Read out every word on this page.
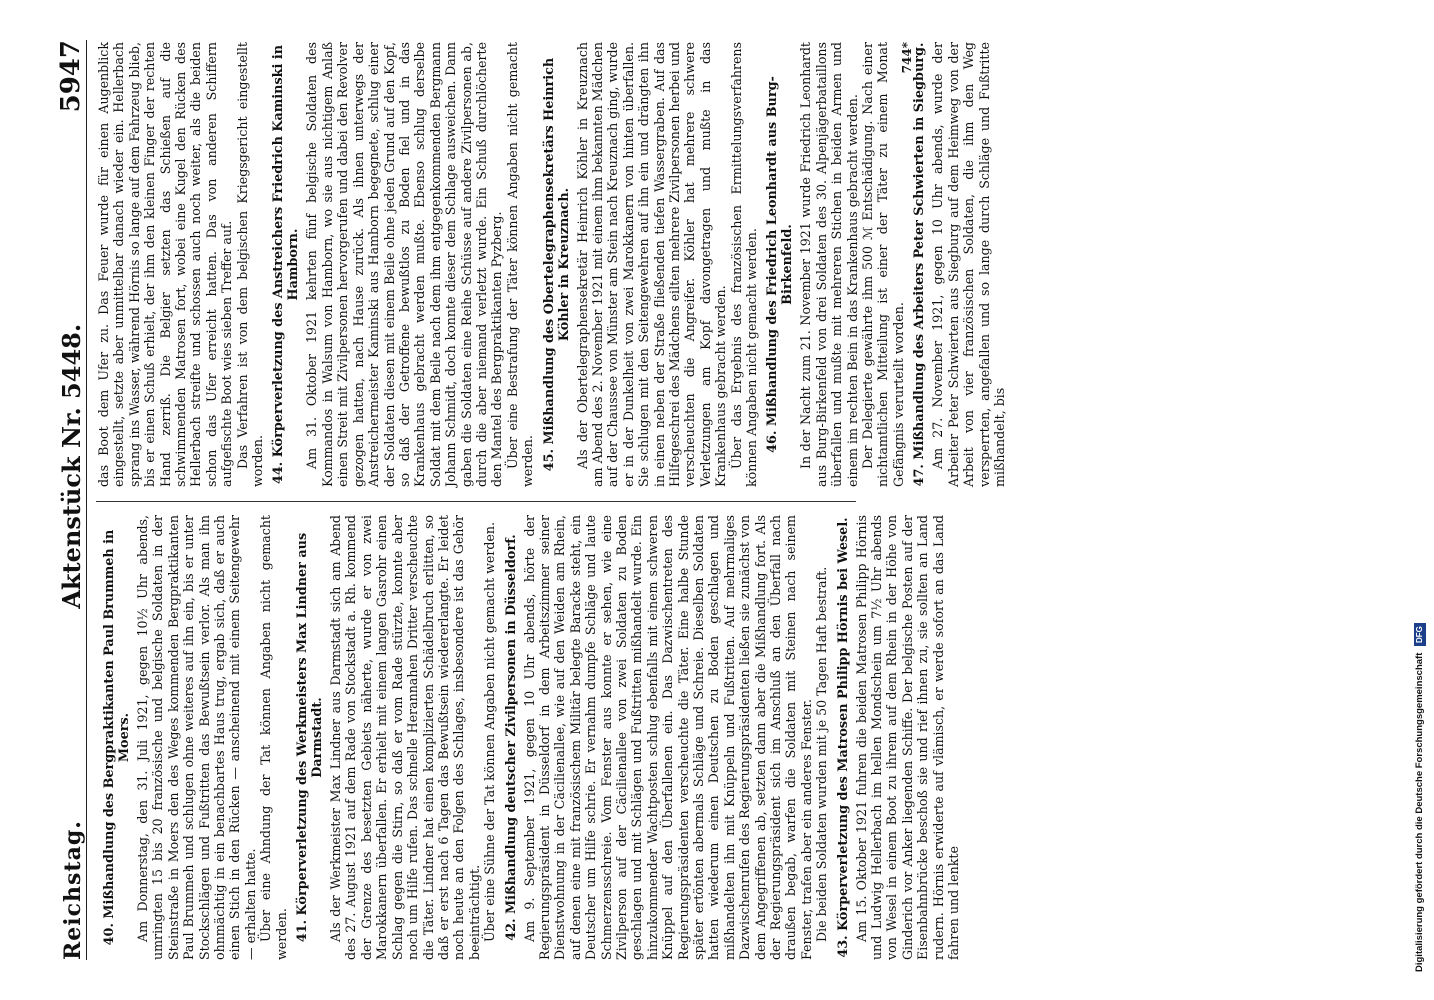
Reichstag.
Aktenstück Nr. 5448.
5947
40. Mißhandlung des Bergpraktikanten Paul Brummeh in Moers. Am Donnerstag, den 31. Juli 1921, gegen 10½ Uhr abends, umringten 15 bis 20 französische und belgische Soldaten in der Steinstraße in Moers den des Weges kommenden Bergpraktikanten Paul Brummeh und schlugen ohne weiteres auf ihn ein, bis er unter Stockschlägen und Fußtritten das Bewußtsein verlor. Als man ihn ohnmächtig in ein benachbartes Haus trug, ergab sich, daß er auch einen Stich in den Rücken — anscheinend mit einem Seitengewehr — erhalten hatte. Über eine Ahndung der Tat können Angaben nicht gemacht werden. 41. Körperverletzung des Werkmeisters Max Lindner aus Darmstadt. Als der Werkmeister Max Lindner aus Darmstadt sich am Abend des 27. August 1921 auf dem Rade von Stockstadt a. Rh. kommend der Grenze des besetzten Gebiets näherte, wurde er von zwei Marokkanern überfallen. Er erhielt mit einem langen Gasrohr einen Schlag gegen die Stirn, so daß er vom Rade stürzte, konnte aber noch um Hilfe rufen. Das schnelle Herannahen Dritter verscheuchte die Täter. Lindner hat einen komplizierten Schädelbruch erlitten, so daß er erst nach 6 Tagen das Bewußtsein wiedererlangte. Er leidet noch heute an den Folgen des Schlages, insbesondere ist das Gehör beeinträchtigt. Über eine Sühne der Tat können Angaben nicht gemacht werden. 42. Mißhandlung deutscher Zivilpersonen in Düsseldorf. Am 9. September 1921, gegen 10 Uhr abends, hörte der Regierungspräsident in Düsseldorf in dem Arbeitszimmer seiner Dienstwohnung in der Cäcilienallee, wie auf den Weiden am Rhein, auf denen eine mit französischem Militär belegte Baracke steht, ein Deutscher um Hilfe schrie. Er vernahm dumpfe Schläge und laute Schmerzensschreie. Vom Fenster aus konnte er sehen, wie eine Zivilperson auf der Cäcilienallee von zwei Soldaten zu Boden geschlagen und mit Schlägen und Fußtritten mißhandelt wurde. Ein hinzukommender Wachtposten schlug ebenfalls mit einem schweren Knüppel auf den Überfallenen ein. Das Dazwischentreten des Regierungspräsidenten verscheuchte die Täter. Eine halbe Stunde später ertönten abermals Schläge und Schreie. Dieselben Soldaten hatten wiederum einen Deutschen zu Boden geschlagen und mißhandelten ihn mit Knüppeln und Fußtritten. Auf mehrmaliges Dazwischenrufen des Regierungspräsidenten ließen sie zunächst von dem Angegriffenen ab, setzten dann aber die Mißhandlung fort. Als der Regierungspräsident sich im Anschluß an den Überfall nach draußen begab, warfen die Soldaten mit Steinen nach seinem Fenster, trafen aber ein anderes Fenster. Die beiden Soldaten wurden mit je 50 Tagen Haft bestraft.

43. Körperverletzung des Matrosen Philipp Hörnis bei Wesel. Am 15. Oktober 1921 fuhren die beiden Matrosen Philipp Hörnis und Ludwig Hellerbach im hellen Mondschein um 7½ Uhr abends von Wesel in einem Boot zu ihrem auf dem Rhein in der Höhe von Ginderich vor Anker liegenden Schiffe. Der belgische Posten auf der Eisenbahnbrücke beschoß sie und rief ihnen zu, sie sollten an Land rudern. Hörnis erwiderte auf vlämisch, er werde sofort an das Land fahren und lenkte

das Boot dem Ufer zu. Das Feuer wurde für einen Augenblick eingestellt, setzte aber unmittelbar danach wieder ein. Hellerbach sprang ins Wasser, während Hörnis so lange auf dem Fahrzeug blieb, bis er einen Schuß erhielt, der ihm den kleinen Finger der rechten Hand zerriß. Die Belgier setzten das Schießen auf die schwimmenden Matrosen fort, wobei eine Kugel den Rücken des Hellerbach streifte und schossen auch noch weiter, als die beiden schon das Ufer erreicht hatten. Das von anderen Schiffern aufgefischte Boot wies sieben Treffer auf. Das Verfahren ist von dem belgischen Kriegsgericht eingestellt worden. 44. Körperverletzung des Anstreichers Friedrich Kaminski in Hamborn. Am 31. Oktober 1921 kehrten fünf belgische Soldaten des Kommandos in Walsum von Hamborn, wo sie aus nichtigem Anlaß einen Streit mit Zivilpersonen hervorgerufen und dabei den Revolver gezogen hatten, nach Hause zurück. Als ihnen unterwegs der Anstreichermeister Kaminski aus Hamborn begegnete, schlug einer der Soldaten diesen mit einem Beile ohne jeden Grund auf den Kopf, so daß der Getroffene bewußtlos zu Boden fiel und in das Krankenhaus gebracht werden mußte. Ebenso schlug derselbe Soldat mit dem Beile nach dem ihm entgegenkommenden Bergmann Johann Schmidt, doch konnte dieser dem Schlage ausweichen. Dann gaben die Soldaten eine Reihe Schüsse auf andere Zivilpersonen ab, durch die aber niemand verletzt wurde. Ein Schuß durchlöcherte den Mantel des Bergpraktikanten Pyzberg. Über eine Bestrafung der Täter können Angaben nicht gemacht werden. 45. Mißhandlung des Obertelegraphensekretärs Heinrich Köhler in Kreuznach. Als der Obertelegraphensekretär Heinrich Köhler in Kreuznach am Abend des 2. November 1921 mit einem ihm bekannten Mädchen auf der Chaussee von Münster am Stein nach Kreuznach ging, wurde er in der Dunkelheit von zwei Marokkanern von hinten überfallen. Sie schlugen mit den Seitengewehren auf ihn ein und drängten ihn in einen neben der Straße fließenden tiefen Wassergraben. Auf das Hilfegeschrei des Mädchens eilten mehrere Zivilpersonen herbei und verscheuchten die Angreifer. Köhler hat mehrere schwere Verletzungen am Kopf davongetragen und mußte in das Krankenhaus gebracht werden. Über das Ergebnis des französischen Ermittelungsverfahrens können Angaben nicht gemacht werden. 46. Mißhandlung des Friedrich Leonhardt aus Burg-Birkenfeld. In der Nacht zum 21. November 1921 wurde Friedrich Leonhardt aus Burg-Birkenfeld von drei Soldaten des 30. Alpenjägerbataillons überfallen und mußte mit mehreren Stichen in beiden Armen und einem im rechten Bein in das Krankenhaus gebracht werden. Der Delegierte gewährte ihm 500 ℳ Entschädigung. Nach einer nichtamtlichen Mitteilung ist einer der Täter zu einem Monat Gefängnis verurteilt worden. 47. Mißhandlung des Arbeiters Peter Schwierten in Siegburg. Am 27. November 1921, gegen 10 Uhr abends, wurde der Arbeiter Peter Schwierten aus Siegburg auf dem Heimweg von der Arbeit von vier französischen Soldaten, die ihm den Weg versperrten, angefallen und so lange durch Schläge und Fußtritte mißhandelt, bis

744*
Digitalisierung gefördert durch die Deutsche Forschungsgemeinschaft DFG
